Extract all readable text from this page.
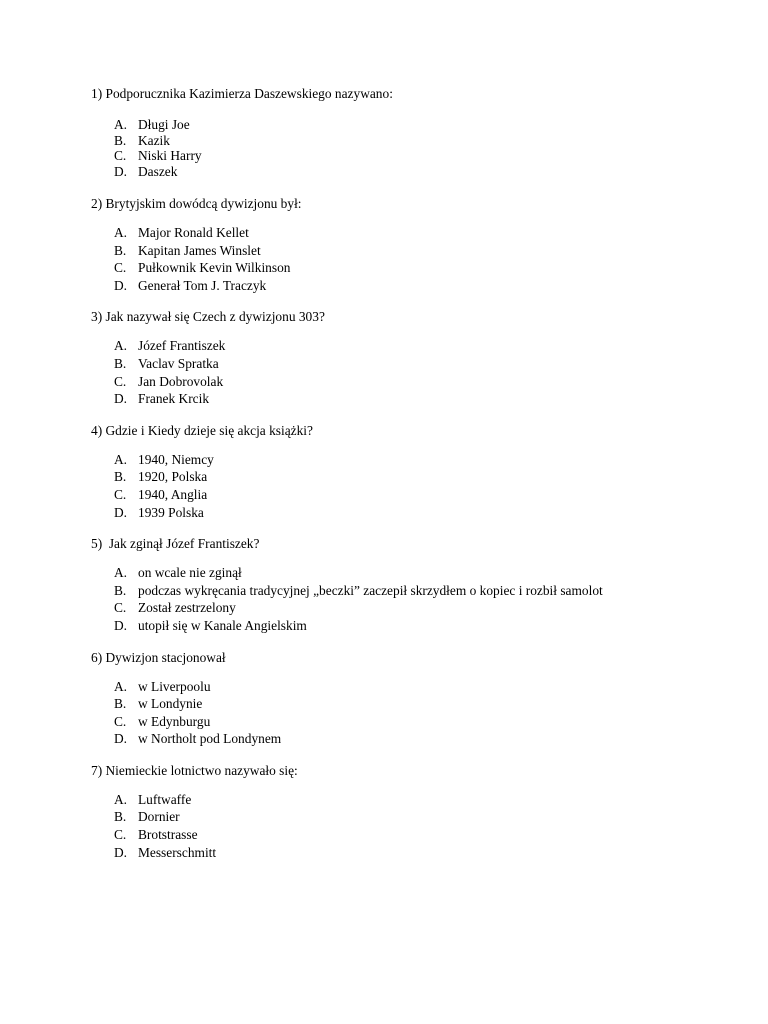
1) Podporucznika Kazimierza Daszewskiego nazywano:
A. Długi Joe
B. Kazik
C. Niski Harry
D. Daszek
2) Brytyjskim dowódcą dywizjonu był:
A. Major Ronald Kellet
B. Kapitan James Winslet
C. Pułkownik Kevin Wilkinson
D. Generał Tom J. Traczyk
3) Jak nazywał się Czech z dywizjonu 303?
A. Józef Frantiszek
B. Vaclav Spratka
C. Jan Dobrovolak
D. Franek Krcik
4) Gdzie i Kiedy dzieje się akcja książki?
A. 1940, Niemcy
B. 1920, Polska
C. 1940, Anglia
D. 1939 Polska
5)  Jak zginął Józef Frantiszek?
A. on wcale nie zginął
B. podczas wykręcania tradycyjnej „beczki” zaczepił skrzydłem o kopiec i rozbił samolot
C. Został zestrzelony
D. utopił się w Kanale Angielskim
6) Dywizjon stacjonował
A. w Liverpoolu
B. w Londynie
C. w Edynburgu
D. w Northolt pod Londynem
7) Niemieckie lotnictwo nazywało się:
A. Luftwaffe
B. Dornier
C. Brotstrasse
D. Messerschmitt
